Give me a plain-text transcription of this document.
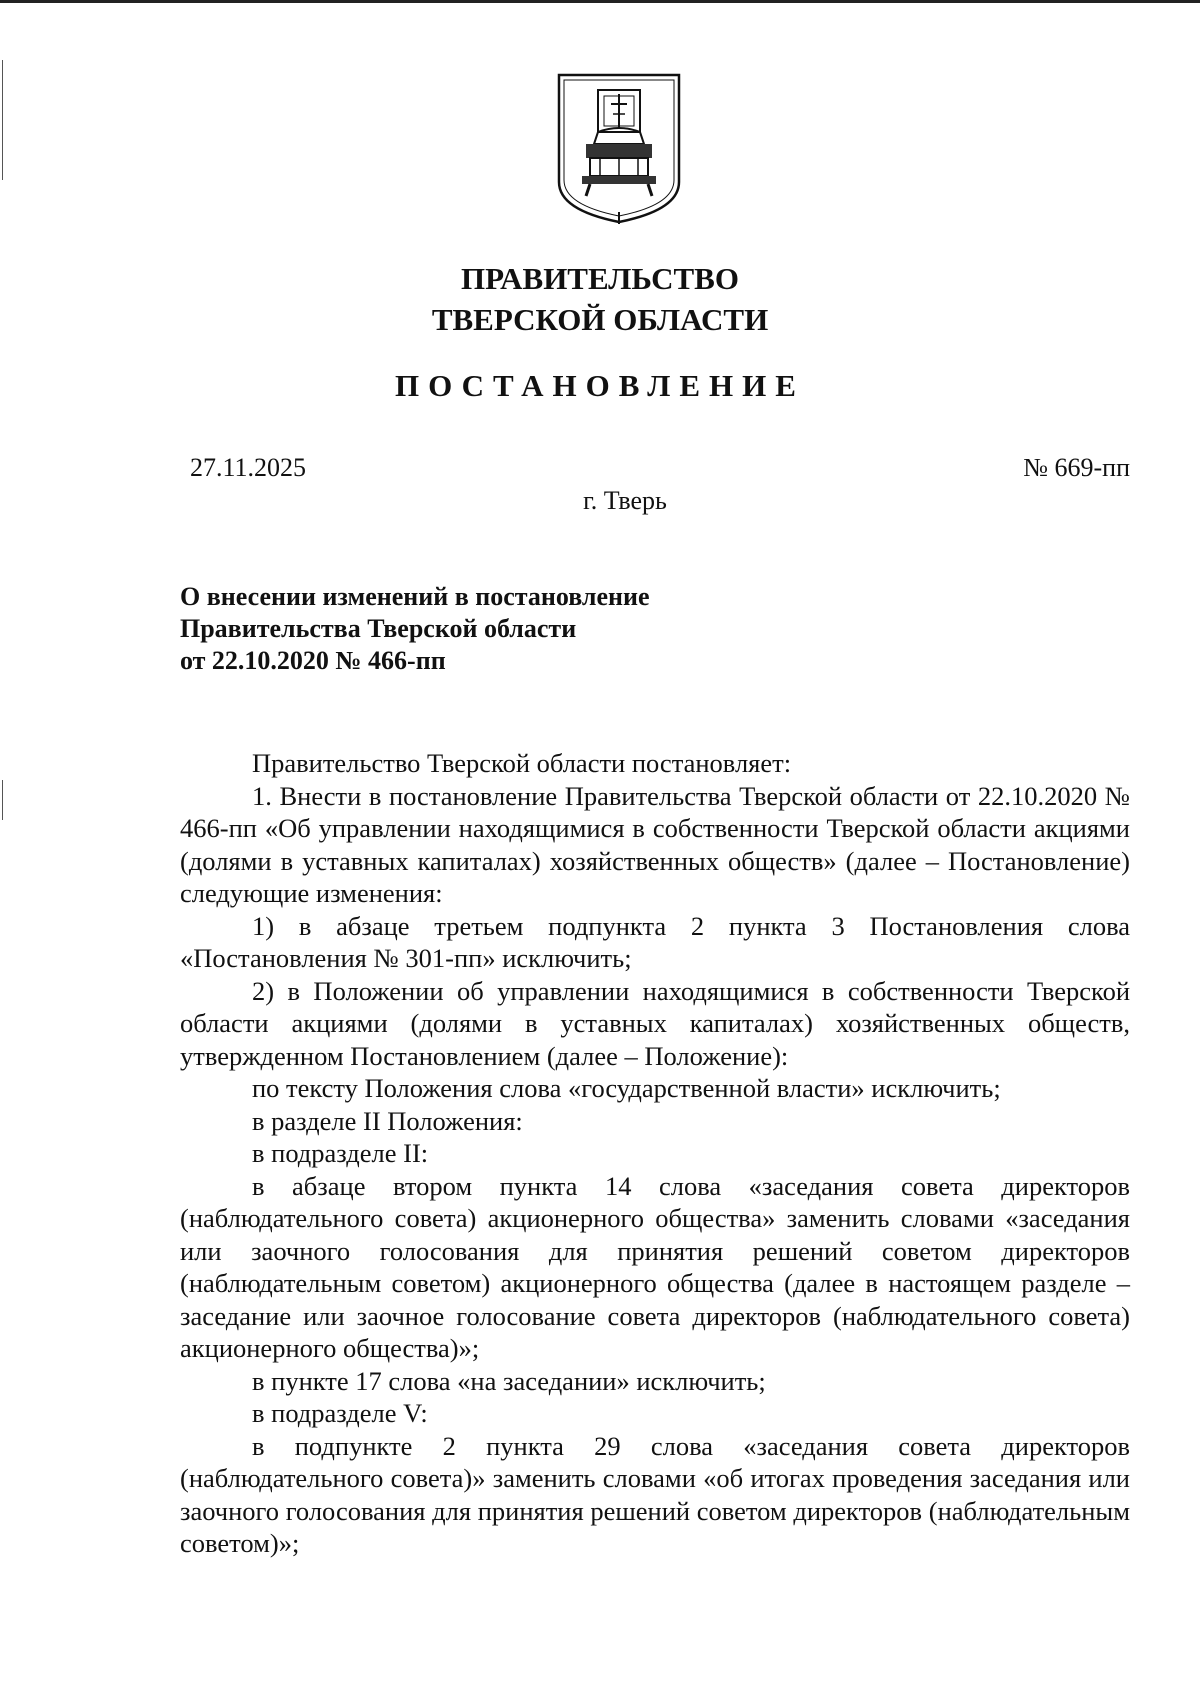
ПРАВИТЕЛЬСТВО
ТВЕРСКОЙ ОБЛАСТИ
ПОСТАНОВЛЕНИЕ
27.11.2025	№ 669-пп
г. Тверь
О внесении изменений в постановление
Правительства Тверской области
от 22.10.2020 № 466-пп

Правительство Тверской области постановляет:

1. Внести в постановление Правительства Тверской области от 22.10.2020 № 466-пп «Об управлении находящимися в собственности Тверской области акциями (долями в уставных капиталах) хозяйственных обществ» (далее – Постановление) следующие изменения:

1) в абзаце третьем подпункта 2 пункта 3 Постановления слова «Постановления № 301-пп» исключить;

2) в Положении об управлении находящимися в собственности Тверской области акциями (долями в уставных капиталах) хозяйственных обществ, утвержденном Постановлением (далее – Положение):

по тексту Положения слова «государственной власти» исключить;

в разделе II Положения:

в подразделе II:

в абзаце втором пункта 14 слова «заседания совета директоров (наблюдательного совета) акционерного общества» заменить словами «заседания или заочного голосования для принятия решений советом директоров (наблюдательным советом) акционерного общества (далее в настоящем разделе – заседание или заочное голосование совета директоров (наблюдательного совета) акционерного общества)»;

в пункте 17 слова «на заседании» исключить;

в подразделе V:

в подпункте 2 пункта 29 слова «заседания совета директоров (наблюдательного совета)» заменить словами «об итогах проведения заседания или заочного голосования для принятия решений советом директоров (наблюдательным советом)»;
